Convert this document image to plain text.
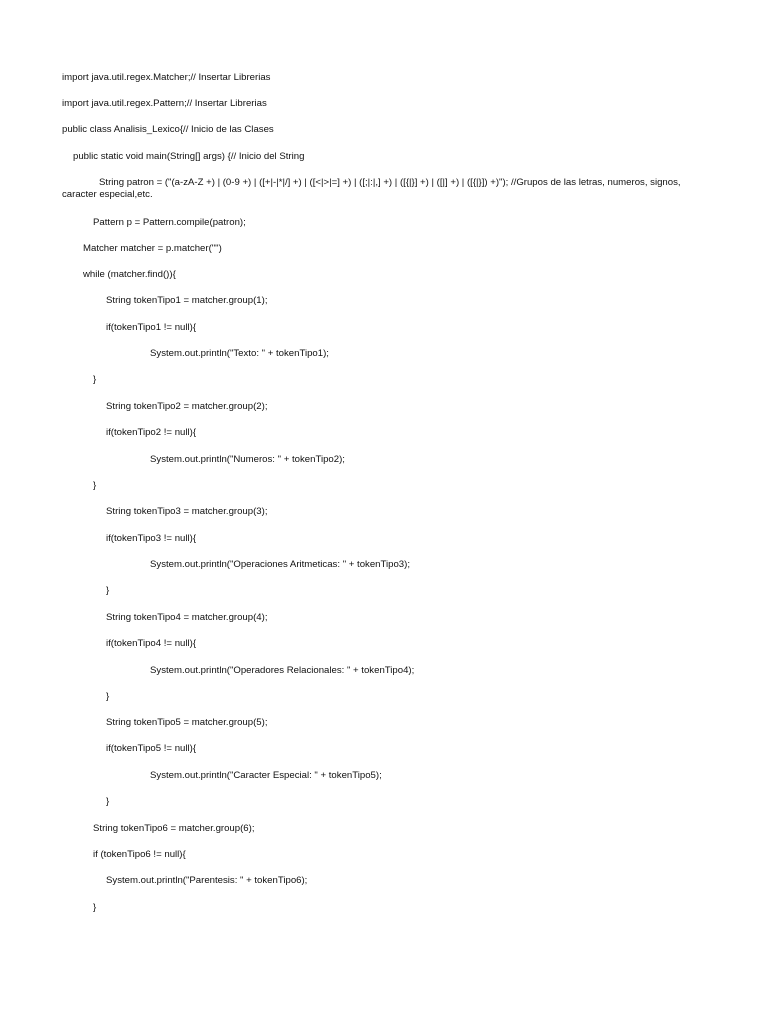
import java.util.regex.Matcher;// Insertar Librerias
import java.util.regex.Pattern;// Insertar Librerias
public class Analisis_Lexico{// Inicio de las Clases
public static void main(String[] args) {// Inicio del String
String patron = ("(a-zA-Z +) | (0-9 +) | ([+|-|*|/] +) | ([<|>|=] +) | ([;|:|,] +) | ([{|}] +) | ([|] +) | ([{|}]) +)"); //Grupos de las letras, numeros, signos, caracter especial,etc.
Pattern p = Pattern.compile(patron);
Matcher matcher = p.matcher("")
while (matcher.find()){
String tokenTipo1 = matcher.group(1);
if(tokenTipo1 != null){
System.out.println("Texto: " + tokenTipo1);
}
String tokenTipo2 = matcher.group(2);
if(tokenTipo2 != null){
System.out.println("Numeros: " + tokenTipo2);
}
String tokenTipo3 = matcher.group(3);
if(tokenTipo3 != null){
System.out.println("Operaciones Aritmeticas: " + tokenTipo3);
}
String tokenTipo4 = matcher.group(4);
if(tokenTipo4 != null){
System.out.println("Operadores Relacionales: " + tokenTipo4);
}
String tokenTipo5 = matcher.group(5);
if(tokenTipo5 != null){
System.out.println("Caracter Especial: " + tokenTipo5);
}
String tokenTipo6 = matcher.group(6);
if (tokenTipo6 != null){
System.out.println("Parentesis: " + tokenTipo6);
}
